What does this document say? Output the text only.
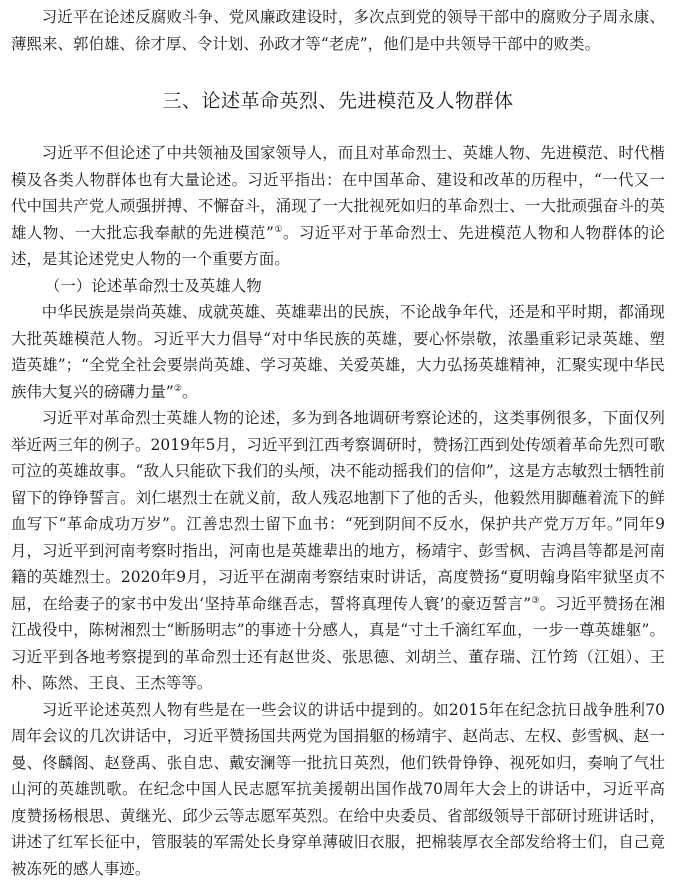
习近平在论述反腐败斗争、党风廉政建设时，多次点到党的领导干部中的腐败分子周永康、薄熙来、郭伯雄、徐才厚、令计划、孙政才等“老虎”，他们是中共领导干部中的败类。

三、论述革命英烈、先进模范及人物群体

习近平不但论述了中共领袖及国家领导人，而且对革命烈士、英雄人物、先进模范、时代楷模及各类人物群体也有大量论述。习近平指出：在中国革命、建设和改革的历程中，“一代又一代中国共产党人顽强拼搏、不懈奋斗，涌现了一大批视死如归的革命烈士、一大批顽强奋斗的英雄人物、一大批忘我奉献的先进模范”①。习近平对于革命烈士、先进模范人物和人物群体的论述，是其论述党史人物的一个重要方面。

（一）论述革命烈士及英雄人物

中华民族是崇尚英雄、成就英雄、英雄辈出的民族，不论战争年代，还是和平时期，都涌现大批英雄模范人物。习近平大力倡导“对中华民族的英雄，要心怀崇敬，浓墨重彩记录英雄、塑造英雄”；“全党全社会要崇尚英雄、学习英雄、关爱英雄，大力弘扬英雄精神，汇聚实现中华民族伟大复兴的磅礴力量”②。

习近平对革命烈士英雄人物的论述，多为到各地调研考察论述的，这类事例很多，下面仅列举近两三年的例子。2019年5月，习近平到江西考察调研时，赞扬江西到处传颂着革命先烈可歌可泣的英雄故事。“敌人只能砍下我们的头颅，决不能动摇我们的信仰”，这是方志敏烈士牺牲前留下的铮铮誓言。刘仁堪烈士在就义前，敌人残忍地割下了他的舌头，他毅然用脚蘸着流下的鲜血写下“革命成功万岁”。江善忠烈士留下血书：“死到阴间不反水，保护共产党万万年。”同年9月，习近平到河南考察时指出，河南也是英雄辈出的地方，杨靖宇、彭雪枫、吉鸿昌等都是河南籍的英雄烈士。2020年9月，习近平在湖南考察结束时讲话，高度赞扬“夏明翰身陷牢狱坚贞不屈，在给妻子的家书中发出‘坚持革命继吾志，誓将真理传人寰’的豪迈誓言”③。习近平赞扬在湘江战役中，陈树湘烈士“断肠明志”的事迹十分感人，真是“寸土千滴红军血，一步一尊英雄躯”。习近平到各地考察提到的革命烈士还有赵世炎、张思德、刘胡兰、董存瑞、江竹筠（江姐）、王朴、陈然、王良、王杰等等。

习近平论述英烈人物有些是在一些会议的讲话中提到的。如2015年在纪念抗日战争胜利70周年会议的几次讲话中，习近平赞扬国共两党为国捐躯的杨靖宇、赵尚志、左权、彭雪枫、赵一曼、佟麟阁、赵登禹、张自忠、戴安澜等一批抗日英烈，他们铁骨铮铮、视死如归，奏响了气壮山河的英雄凯歌。在纪念中国人民志愿军抗美援朝出国作战70周年大会上的讲话中，习近平高度赞扬杨根思、黄继光、邱少云等志愿军英烈。在给中央委员、省部级领导干部研讨班讲话时，讲述了红军长征中，管服装的军需处长身穿单薄破旧衣服，把棉装厚衣全部发给将士们，自己竟被冻死的感人事迹。
